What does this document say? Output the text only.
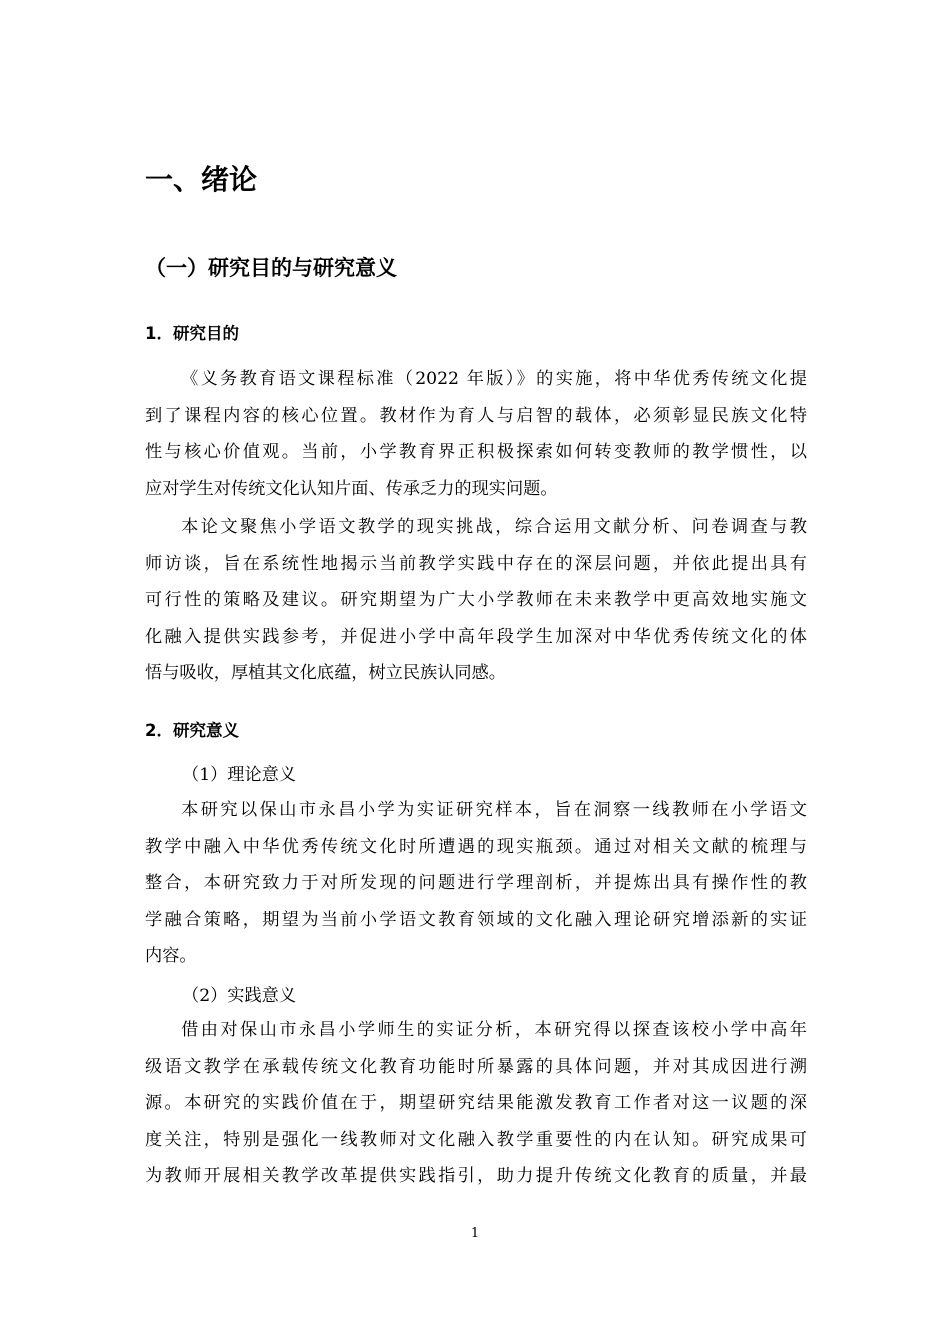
一、绪论
（一）研究目的与研究意义
1．研究目的

《义务教育语文课程标准（2022 年版）》的实施，将中华优秀传统文化提
到了课程内容的核心位置。教材作为育人与启智的载体，必须彰显民族文化特
性与核心价值观。当前，小学教育界正积极探索如何转变教师的教学惯性，以
应对学生对传统文化认知片面、传承乏力的现实问题。

本论文聚焦小学语文教学的现实挑战，综合运用文献分析、问卷调查与教
师访谈，旨在系统性地揭示当前教学实践中存在的深层问题，并依此提出具有
可行性的策略及建议。研究期望为广大小学教师在未来教学中更高效地实施文
化融入提供实践参考，并促进小学中高年段学生加深对中华优秀传统文化的体
悟与吸收，厚植其文化底蕴，树立民族认同感。

2．研究意义

（1）理论意义

本研究以保山市永昌小学为实证研究样本，旨在洞察一线教师在小学语文
教学中融入中华优秀传统文化时所遭遇的现实瓶颈。通过对相关文献的梳理与
整合，本研究致力于对所发现的问题进行学理剖析，并提炼出具有操作性的教
学融合策略，期望为当前小学语文教育领域的文化融入理论研究增添新的实证
内容。

（2）实践意义

借由对保山市永昌小学师生的实证分析，本研究得以探查该校小学中高年
级语文教学在承载传统文化教育功能时所暴露的具体问题，并对其成因进行溯
源。本研究的实践价值在于，期望研究结果能激发教育工作者对这一议题的深
度关注，特别是强化一线教师对文化融入教学重要性的内在认知。研究成果可
为教师开展相关教学改革提供实践指引，助力提升传统文化教育的质量，并最

1
